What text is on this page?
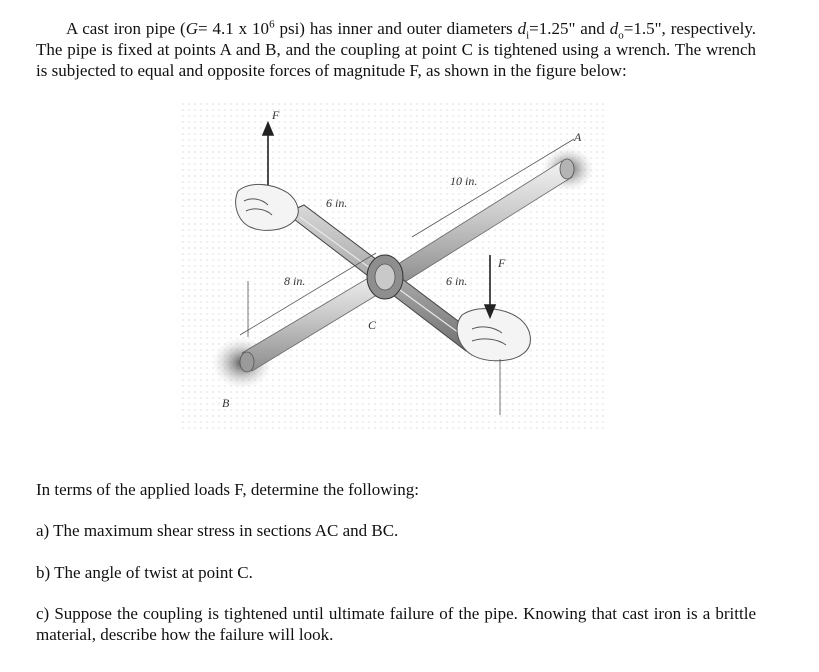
A cast iron pipe (G= 4.1 x $10^6$ psi) has inner and outer diameters $d_i=1.25$" and $d_o=1.5$", respectively. The pipe is fixed at points A and B, and the coupling at point C is tightened using a wrench. The wrench is subjected to equal and opposite forces of magnitude F, as shown in the figure below:

F
F
A
B
C
10 in.
6 in.
8 in.	6 in.

In terms of the applied loads F, determine the following:

a) The maximum shear stress in sections AC and BC.

b) The angle of twist at point C.

c) Suppose the coupling is tightened until ultimate failure of the pipe. Knowing that cast iron is a brittle material, describe how the failure will look.
